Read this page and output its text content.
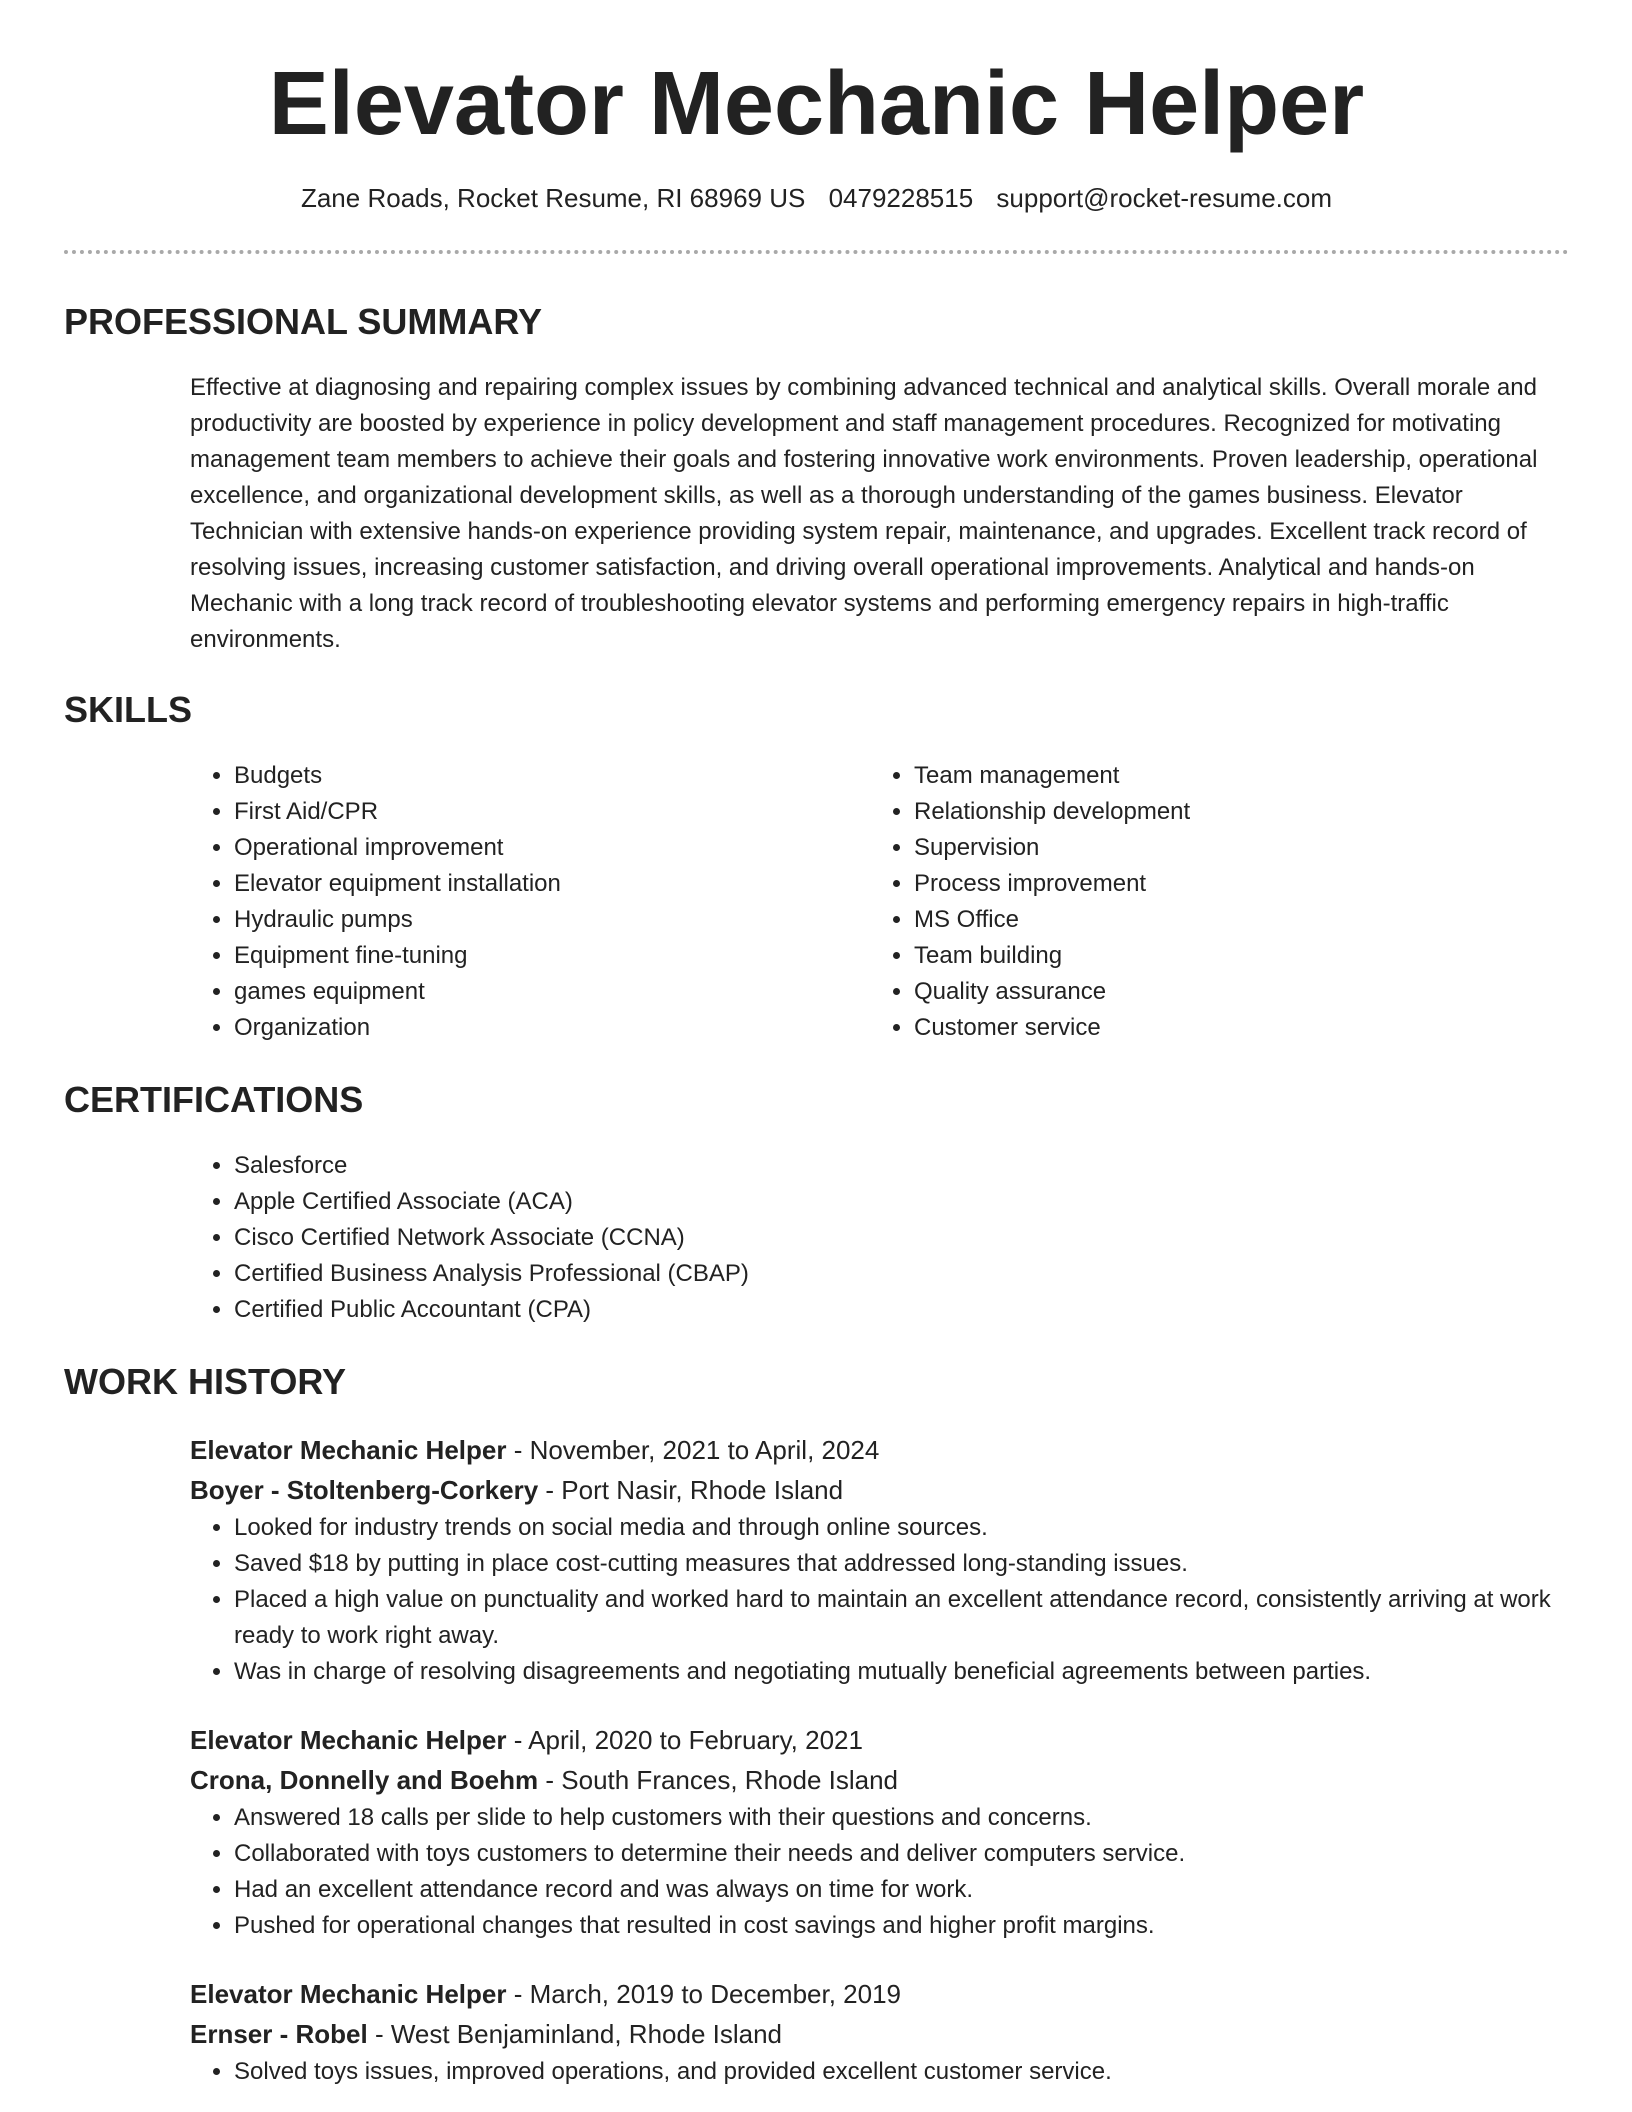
Elevator Mechanic Helper
Zane Roads, Rocket Resume, RI 68969 US 0479228515 support@rocket-resume.com
PROFESSIONAL SUMMARY
Effective at diagnosing and repairing complex issues by combining advanced technical and analytical skills. Overall morale and productivity are boosted by experience in policy development and staff management procedures. Recognized for motivating management team members to achieve their goals and fostering innovative work environments. Proven leadership, operational excellence, and organizational development skills, as well as a thorough understanding of the games business. Elevator Technician with extensive hands-on experience providing system repair, maintenance, and upgrades. Excellent track record of resolving issues, increasing customer satisfaction, and driving overall operational improvements. Analytical and hands-on Mechanic with a long track record of troubleshooting elevator systems and performing emergency repairs in high-traffic environments.
SKILLS
• Budgets
• First Aid/CPR
• Operational improvement
• Elevator equipment installation
• Hydraulic pumps
• Equipment fine-tuning
• games equipment
• Organization
• Team management
• Relationship development
• Supervision
• Process improvement
• MS Office
• Team building
• Quality assurance
• Customer service
CERTIFICATIONS
• Salesforce
• Apple Certified Associate (ACA)
• Cisco Certified Network Associate (CCNA)
• Certified Business Analysis Professional (CBAP)
• Certified Public Accountant (CPA)
WORK HISTORY
Elevator Mechanic Helper - November, 2021 to April, 2024
Boyer - Stoltenberg-Corkery - Port Nasir, Rhode Island
• Looked for industry trends on social media and through online sources.
• Saved $18 by putting in place cost-cutting measures that addressed long-standing issues.
• Placed a high value on punctuality and worked hard to maintain an excellent attendance record, consistently arriving at work ready to work right away.
• Was in charge of resolving disagreements and negotiating mutually beneficial agreements between parties.
Elevator Mechanic Helper - April, 2020 to February, 2021
Crona, Donnelly and Boehm - South Frances, Rhode Island
• Answered 18 calls per slide to help customers with their questions and concerns.
• Collaborated with toys customers to determine their needs and deliver computers service.
• Had an excellent attendance record and was always on time for work.
• Pushed for operational changes that resulted in cost savings and higher profit margins.
Elevator Mechanic Helper - March, 2019 to December, 2019
Ernser - Robel - West Benjaminland, Rhode Island
• Solved toys issues, improved operations, and provided excellent customer service.
